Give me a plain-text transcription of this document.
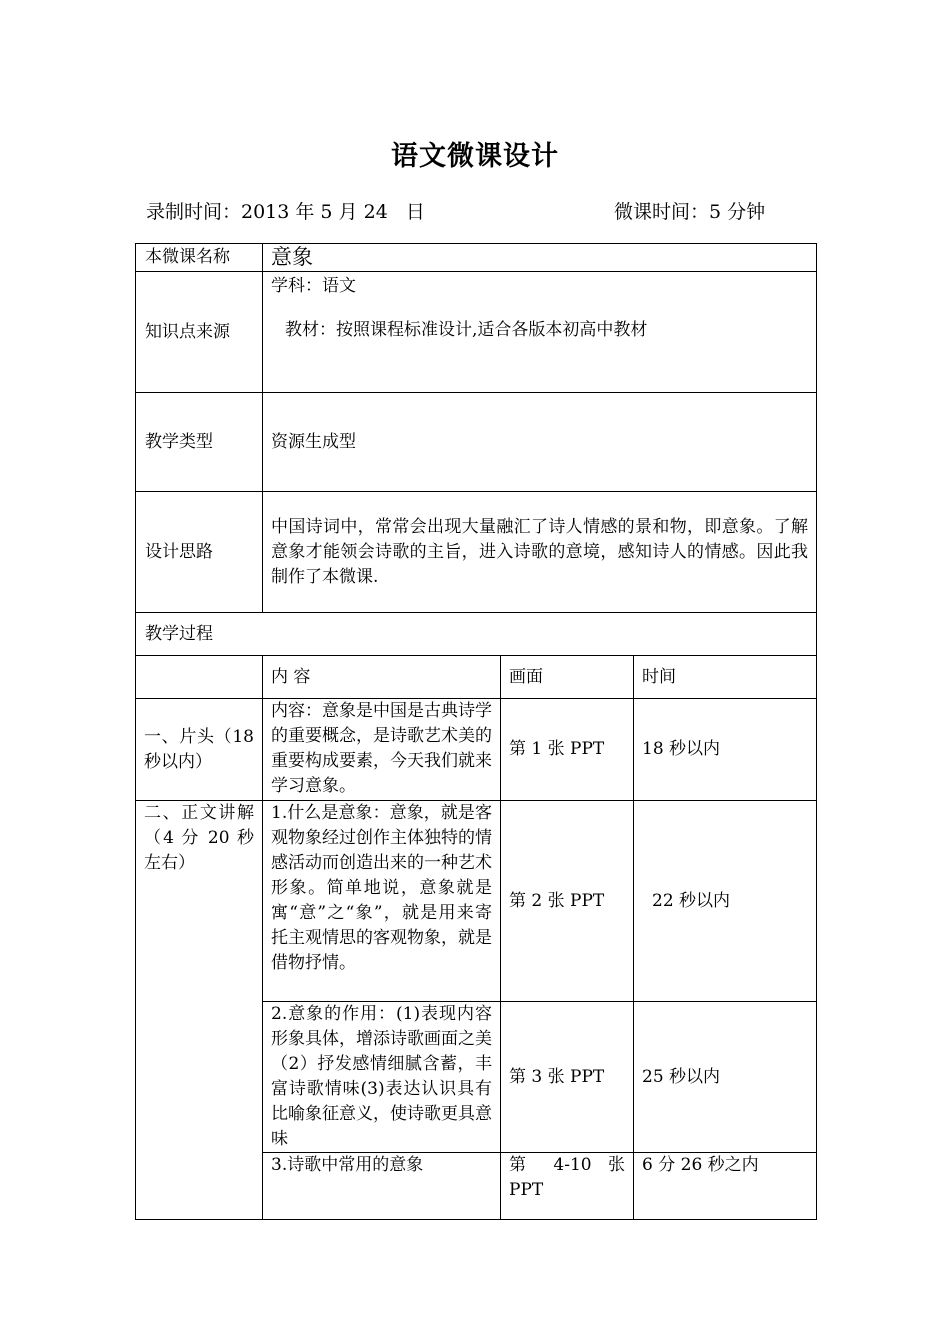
语文微课设计
录制时间：2013 年 5 月 24   日	微课时间：5 分钟
本微课名称	意象		
知识点来源	学科：语文
教材：按照课程标准设计,适合各版本初高中教材		

教学类型	资源生成型		
设计思路	中国诗词中，常常会出现大量融汇了诗人情感的景和物，即意象。了解意象才能领会诗歌的主旨，进入诗歌的意境，感知诗人的情感。因此我制作了本微课.		
教学过程			
	内 容	画面	时间
一、片头（18 秒以内）	内容：意象是中国是古典诗学的重要概念，是诗歌艺术美的重要构成要素，今天我们就来学习意象。	第 1 张 PPT	18 秒以内
二、正文讲解（4 分 20 秒左右）	1.什么是意象：意象，就是客观物象经过创作主体独特的情感活动而创造出来的一种艺术形象。简单地说，意象就是寓“意”之“象”，就是用来寄托主观情思的客观物象，就是借物抒情。	第 2 张 PPT	22 秒以内
	2.意象的作用：(1)表现内容形象具体，增添诗歌画面之美（2）抒发感情细腻含蓄，丰富诗歌情味(3)表达认识具有比喻象征意义，使诗歌更具意味	第 3 张 PPT	25 秒以内
	3.诗歌中常用的意象	第 4-10 张 PPT	6 分 26 秒之内
